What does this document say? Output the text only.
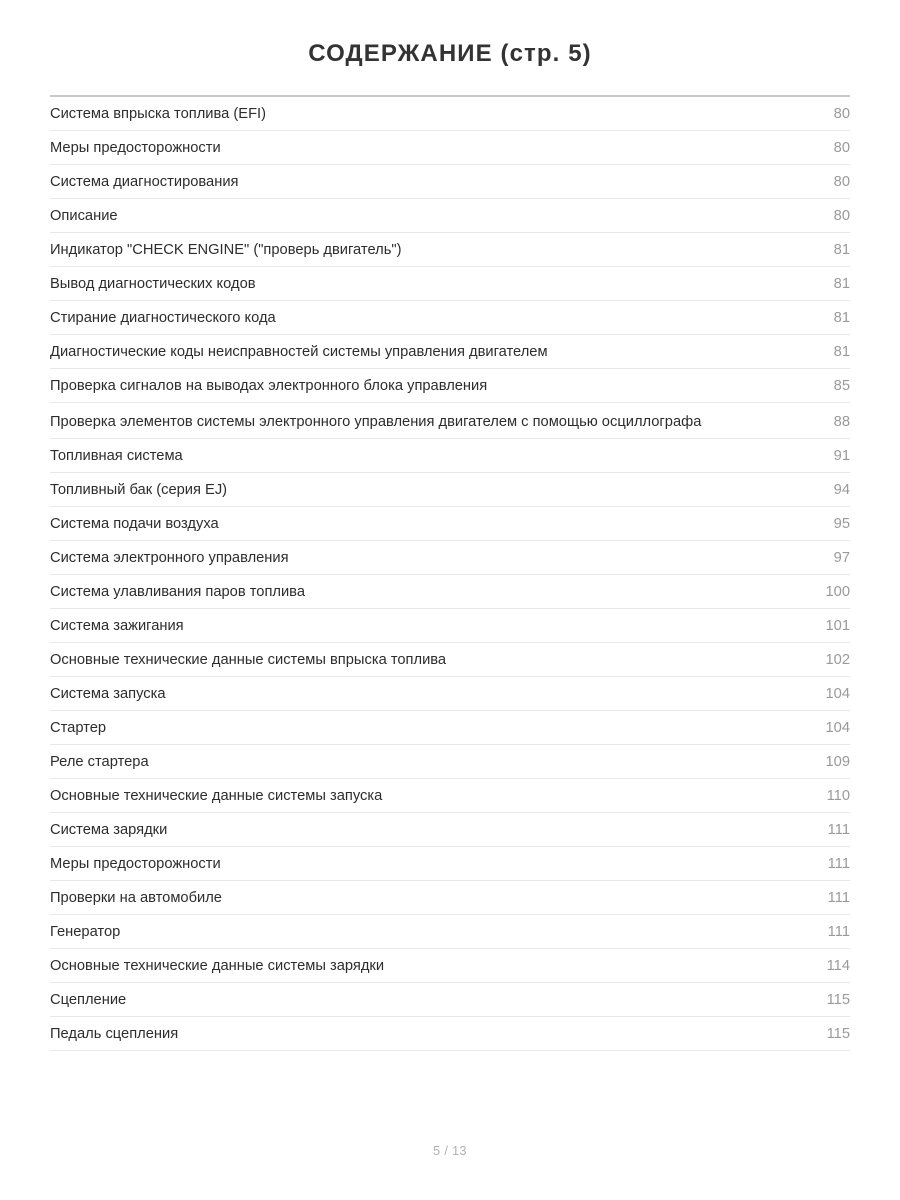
СОДЕРЖАНИЕ (стр. 5)
Система впрыска топлива (EFI)	80
Меры предосторожности	80
Система диагностирования	80
Описание	80
Индикатор "CHECK ENGINE" ("проверь двигатель")	81
Вывод диагностических кодов	81
Стирание диагностического кода	81
Диагностические коды неисправностей системы управления двигателем	81
Проверка сигналов на выводах электронного блока управления	85
Проверка элементов системы электронного управления двигателем с помощью осциллографа	88
Топливная система	91
Топливный бак (серия EJ)	94
Система подачи воздуха	95
Система электронного управления	97
Система улавливания паров топлива	100
Система зажигания	101
Основные технические данные системы впрыска топлива	102
Система запуска	104
Стартер	104
Реле стартера	109
Основные технические данные системы запуска	110
Система зарядки	111
Меры предосторожности	111
Проверки на автомобиле	111
Генератор	111
Основные технические данные системы зарядки	114
Сцепление	115
Педаль сцепления	115
5 / 13
